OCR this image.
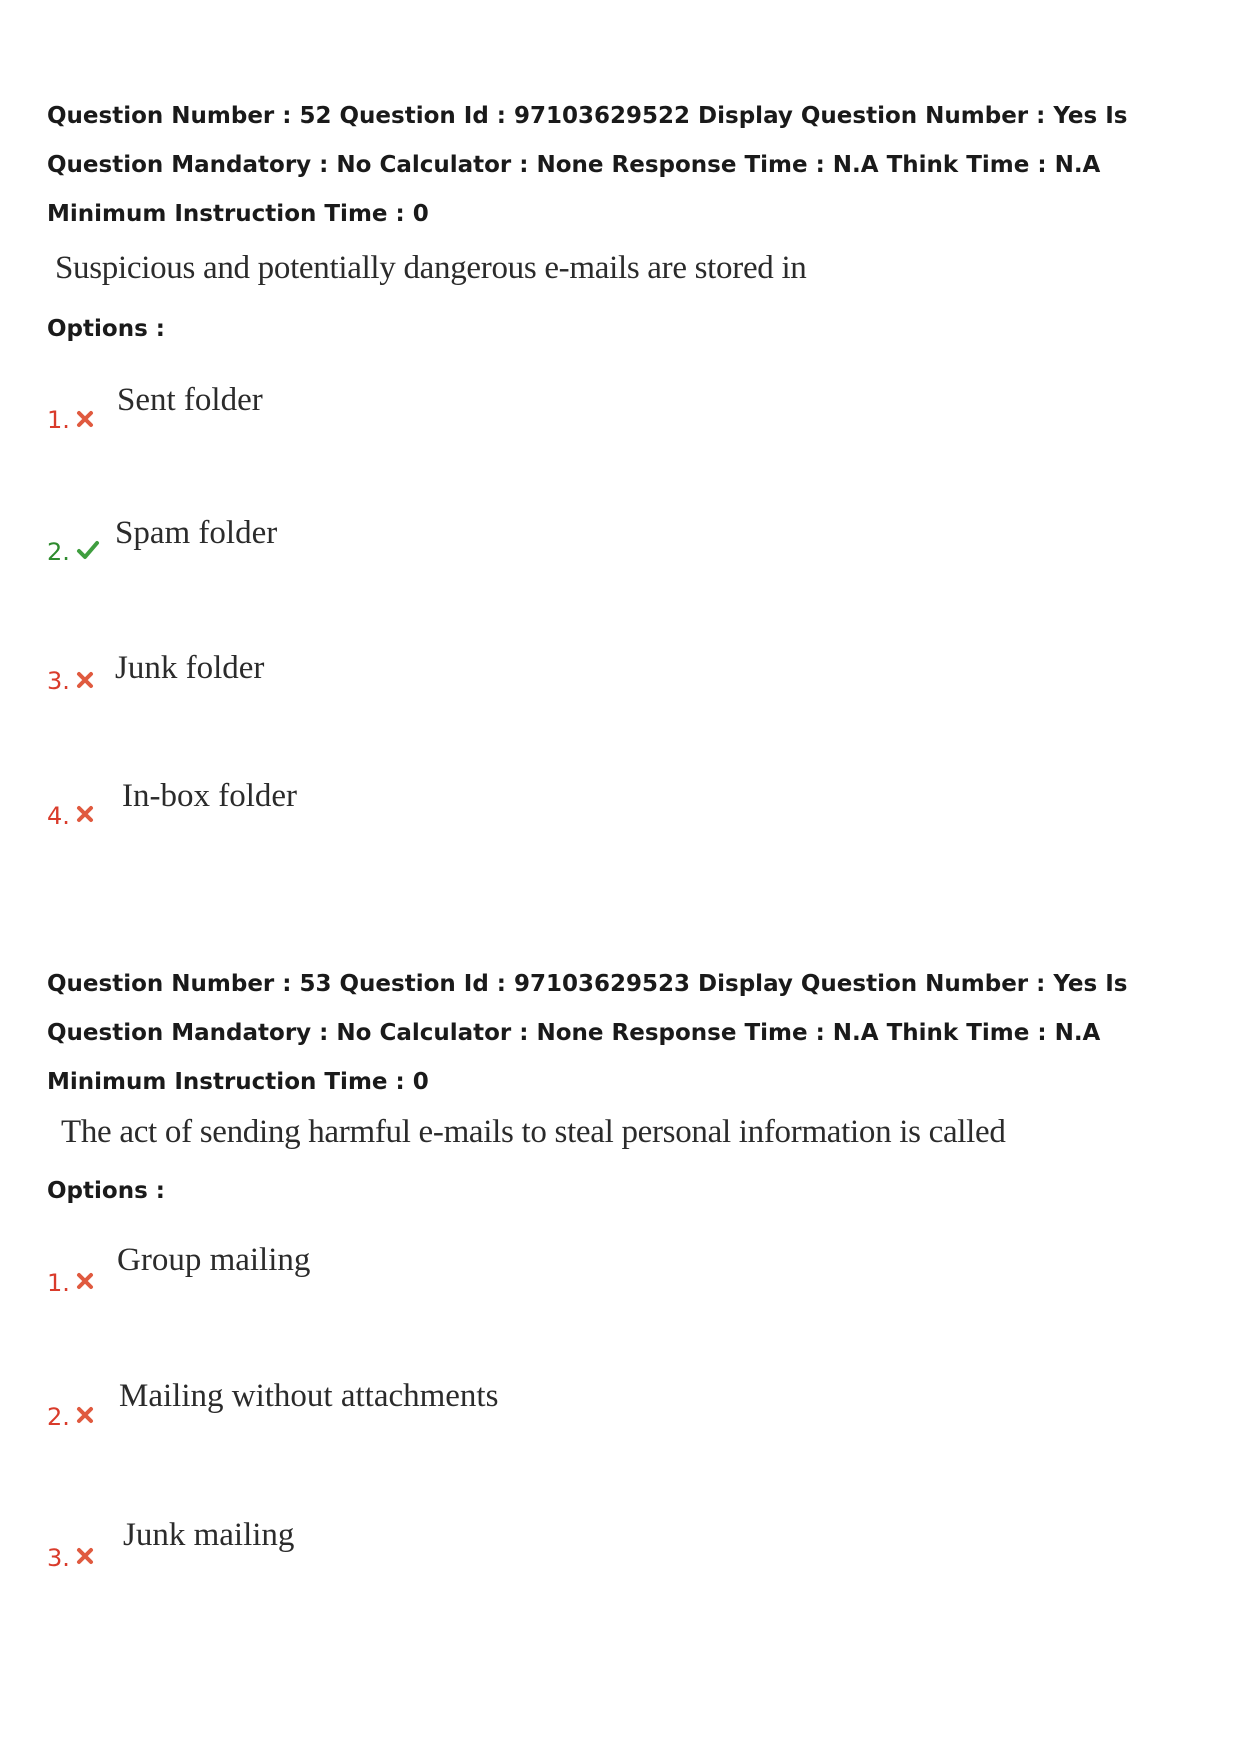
Question Number : 52 Question Id : 97103629522 Display Question Number : Yes Is Question Mandatory : No Calculator : None Response Time : N.A Think Time : N.A Minimum Instruction Time : 0

Suspicious and potentially dangerous e-mails are stored in

Options :

1.
Sent folder
2.
Spam folder
3. Junk folder
4.
In-box folder

Question Number : 53 Question Id : 97103629523 Display Question Number : Yes Is Question Mandatory : No Calculator : None Response Time : N.A Think Time : N.A Minimum Instruction Time : 0

The act of sending harmful e-mails to steal personal information is called

Options :

1.
Group mailing
2.
Mailing without attachments
3.
Junk mailing
